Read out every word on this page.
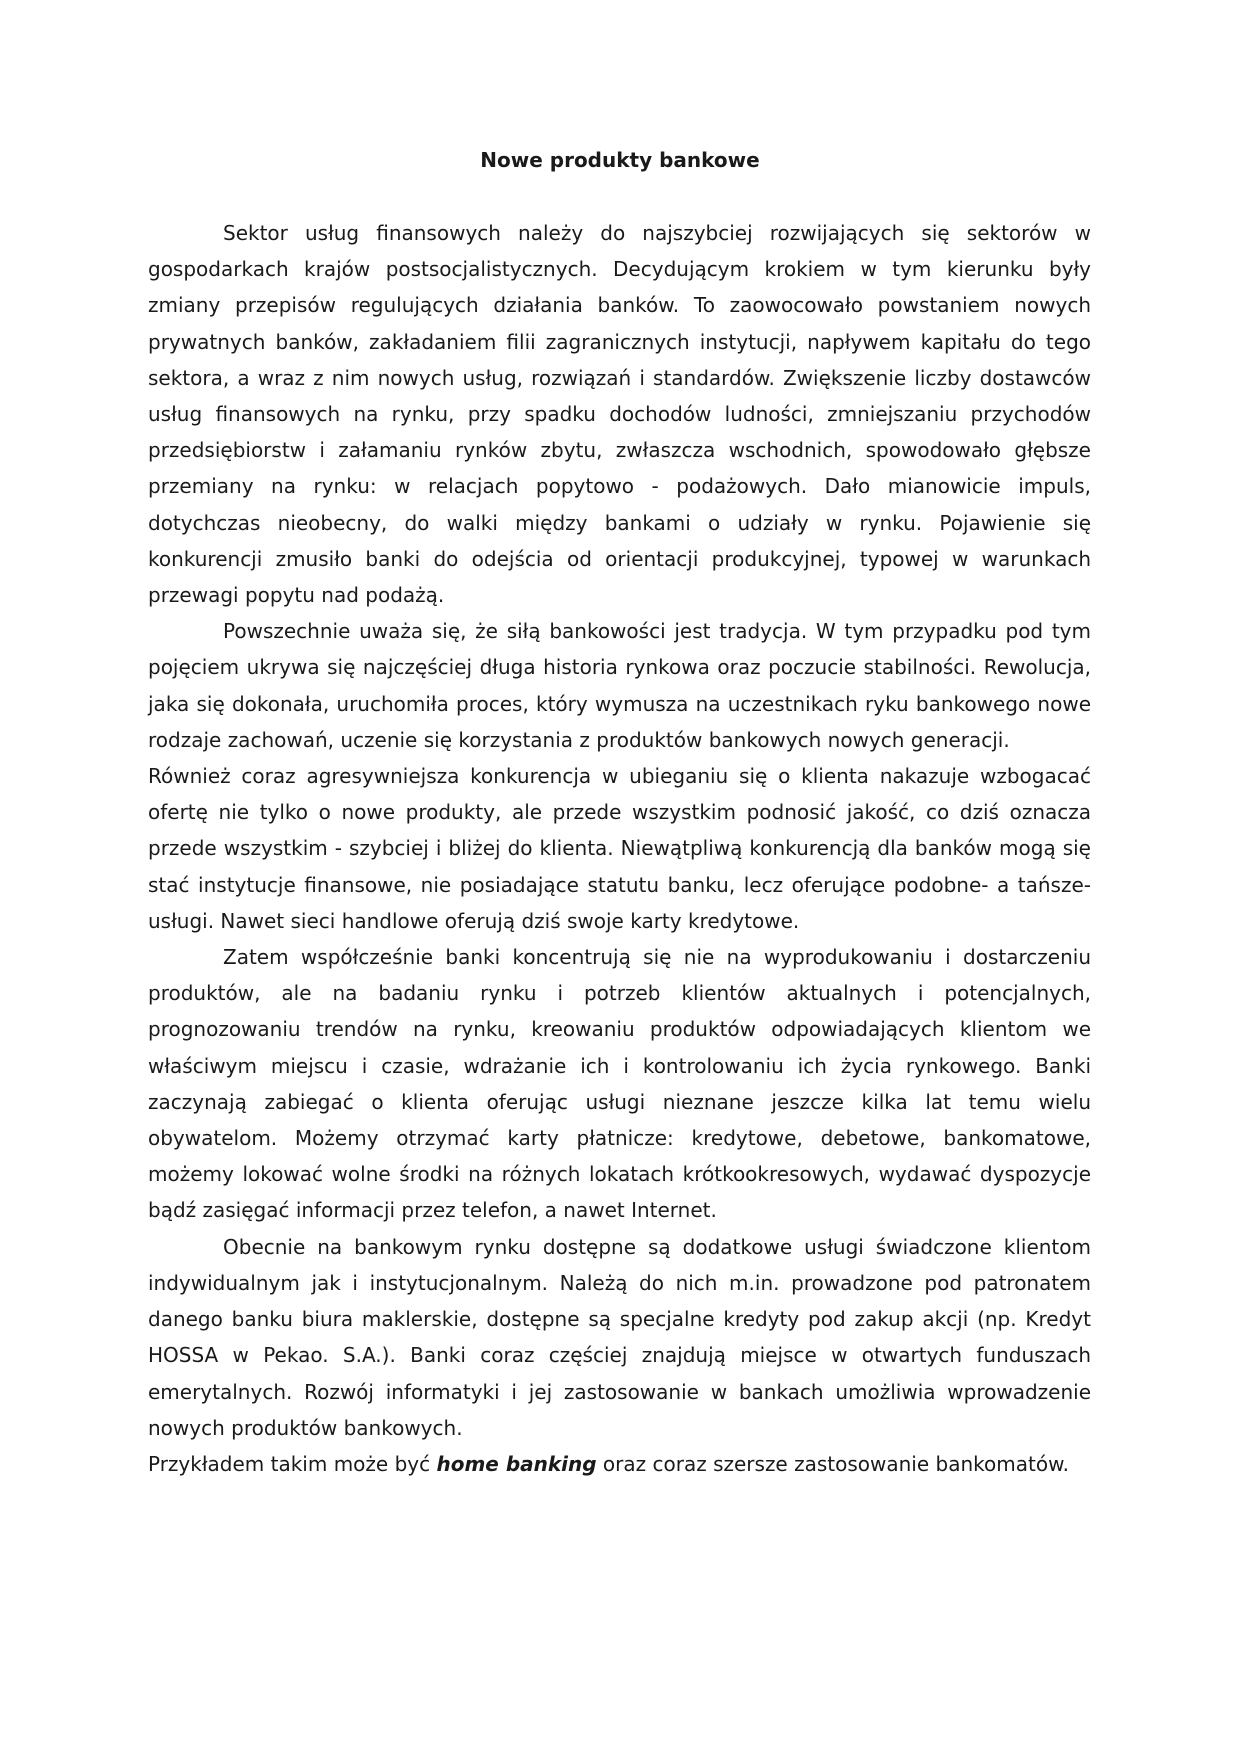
Nowe produkty bankowe

Sektor usług finansowych należy do najszybciej rozwijających się sektorów w gospodarkach krajów postsocjalistycznych. Decydującym krokiem w tym kierunku były zmiany przepisów regulujących działania banków. To zaowocowało powstaniem nowych prywatnych banków, zakładaniem filii zagranicznych instytucji, napływem kapitału do tego sektora, a wraz z nim nowych usług, rozwiązań i standardów. Zwiększenie liczby dostawców usług finansowych na rynku, przy spadku dochodów ludności, zmniejszaniu przychodów przedsiębiorstw i załamaniu rynków zbytu, zwłaszcza wschodnich, spowodowało głębsze przemiany na rynku: w relacjach popytowo - podażowych. Dało mianowicie impuls, dotychczas nieobecny, do walki między bankami o udziały w rynku. Pojawienie się konkurencji zmusiło banki do odejścia od orientacji produkcyjnej, typowej w warunkach przewagi popytu nad podażą.

Powszechnie uważa się, że siłą bankowości jest tradycja. W tym przypadku pod tym pojęciem ukrywa się najczęściej długa historia rynkowa oraz poczucie stabilności. Rewolucja, jaka się dokonała, uruchomiła proces, który wymusza na uczestnikach ryku bankowego nowe rodzaje zachowań, uczenie się korzystania z produktów bankowych nowych generacji.

Również coraz agresywniejsza konkurencja w ubieganiu się o klienta nakazuje wzbogacać ofertę nie tylko o nowe produkty, ale przede wszystkim podnosić jakość, co dziś oznacza przede wszystkim - szybciej i bliżej do klienta. Niewątpliwą konkurencją dla banków mogą się stać instytucje finansowe, nie posiadające statutu banku, lecz oferujące podobne- a tańsze- usługi. Nawet sieci handlowe oferują dziś swoje karty kredytowe.

Zatem współcześnie banki koncentrują się nie na wyprodukowaniu i dostarczeniu produktów, ale na badaniu rynku i potrzeb klientów aktualnych i potencjalnych, prognozowaniu trendów na rynku, kreowaniu produktów odpowiadających klientom we właściwym miejscu i czasie, wdrażanie ich i kontrolowaniu ich życia rynkowego. Banki zaczynają zabiegać o klienta oferując usługi nieznane jeszcze kilka lat temu wielu obywatelom. Możemy otrzymać karty płatnicze: kredytowe, debetowe, bankomatowe, możemy lokować wolne środki na różnych lokatach krótkookresowych, wydawać dyspozycje bądź zasięgać informacji przez telefon, a nawet Internet.

Obecnie na bankowym rynku dostępne są dodatkowe usługi świadczone klientom indywidualnym jak i instytucjonalnym. Należą do nich m.in. prowadzone pod patronatem danego banku biura maklerskie, dostępne są specjalne kredyty pod zakup akcji (np. Kredyt HOSSA w Pekao. S.A.). Banki coraz częściej znajdują miejsce w otwartych funduszach emerytalnych. Rozwój informatyki i jej zastosowanie w bankach umożliwia wprowadzenie nowych produktów bankowych.

Przykładem takim może być home banking oraz coraz szersze zastosowanie bankomatów.
